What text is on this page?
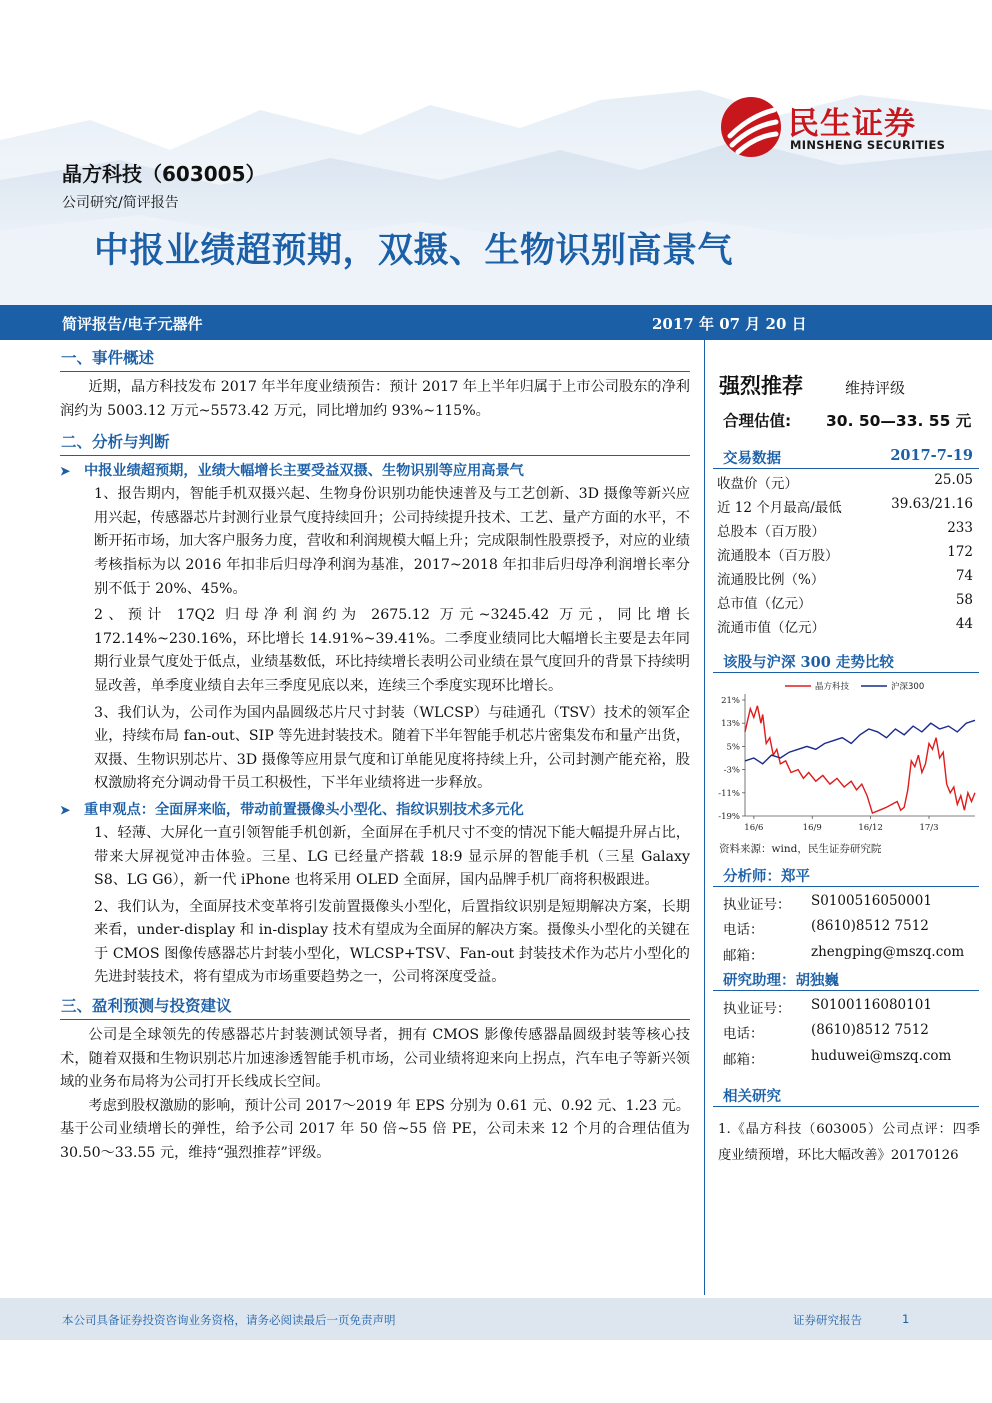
民生证券
MINSHENG SECURITIES
晶方科技（603005）
公司研究/简评报告
中报业绩超预期，双摄、生物识别高景气
简评报告/电子元器件	2017 年 07 月 20 日
一、事件概述

近期，晶方科技发布 2017 年半年度业绩预告：预计 2017 年上半年归属于上市公司股东的净利润约为 5003.12 万元~5573.42 万元，同比增加约 93%~115%。

二、分析与判断
➤ 中报业绩超预期，业绩大幅增长主要受益双摄、生物识别等应用高景气

1、报告期内，智能手机双摄兴起、生物身份识别功能快速普及与工艺创新、3D 摄像等新兴应用兴起，传感器芯片封测行业景气度持续回升；公司持续提升技术、工艺、量产方面的水平，不断开拓市场，加大客户服务力度，营收和利润规模大幅上升；完成限制性股票授予，对应的业绩考核指标为以 2016 年扣非后归母净利润为基准，2017~2018 年扣非后归母净利润增长率分别不低于 20%、45%。

2、预计 17Q2 归母净利润约为 2675.12 万元~3245.42 万元，同比增长 172.14%~230.16%，环比增长 14.91%~39.41%。二季度业绩同比大幅增长主要是去年同期行业景气度处于低点，业绩基数低，环比持续增长表明公司业绩在景气度回升的背景下持续明显改善，单季度业绩自去年三季度见底以来，连续三个季度实现环比增长。

3、我们认为，公司作为国内晶圆级芯片尺寸封装（WLCSP）与硅通孔（TSV）技术的领军企业，持续布局 fan-out、SIP 等先进封装技术。随着下半年智能手机芯片密集发布和量产出货，双摄、生物识别芯片、3D 摄像等应用景气度和订单能见度将持续上升，公司封测产能充裕，股权激励将充分调动骨干员工积极性，下半年业绩将进一步释放。

➤ 重申观点：全面屏来临，带动前置摄像头小型化、指纹识别技术多元化

1、轻薄、大屏化一直引领智能手机创新，全面屏在手机尺寸不变的情况下能大幅提升屏占比，带来大屏视觉冲击体验。三星、LG 已经量产搭载 18:9 显示屏的智能手机（三星 Galaxy S8、LG G6），新一代 iPhone 也将采用 OLED 全面屏，国内品牌手机厂商将积极跟进。

2、我们认为，全面屏技术变革将引发前置摄像头小型化，后置指纹识别是短期解决方案，长期来看，under-display 和 in-display 技术有望成为全面屏的解决方案。摄像头小型化的关键在于 CMOS 图像传感器芯片封装小型化，WLCSP+TSV、Fan-out 封装技术作为芯片小型化的先进封装技术，将有望成为市场重要趋势之一，公司将深度受益。

三、盈利预测与投资建议

公司是全球领先的传感器芯片封装测试领导者，拥有 CMOS 影像传感器晶圆级封装等核心技术，随着双摄和生物识别芯片加速渗透智能手机市场，公司业绩将迎来向上拐点，汽车电子等新兴领域的业务布局将为公司打开长线成长空间。

考虑到股权激励的影响，预计公司 2017～2019 年 EPS 分别为 0.61 元、0.92 元、1.23 元。基于公司业绩增长的弹性，给予公司 2017 年 50 倍~55 倍 PE，公司未来 12 个月的合理估值为 30.50～33.55 元，维持“强烈推荐”评级。

强烈推荐	维持评级
合理估值: 30. 50—33. 55 元
交易数据	2017-7-19
收盘价（元）	25.05
近 12 个月最高/最低	39.63/21.16
总股本（百万股）	233
流通股本（百万股）	172
流通股比例（%）	74
总市值（亿元）	58
流通市值（亿元）	44
该股与沪深 300 走势比较
21%
13%
5%
-3%
-11%
-19%
16/6	16/9	16/12	17/3
晶方科技	沪深300
资料来源：wind，民生证券研究院
分析师：郑平
执业证号： S0100516050001
电话：	(8610)8512 7512
邮箱：	zhengping@mszq.com
研究助理：胡独巍
执业证号： S0100116080101
电话：	(8610)8512 7512
邮箱：	huduwei@mszq.com
相关研究
1.《晶方科技（603005）公司点评：四季度业绩预增，环比大幅改善》20170126
本公司具备证券投资咨询业务资格，请务必阅读最后一页免责声明	证券研究报告	1
